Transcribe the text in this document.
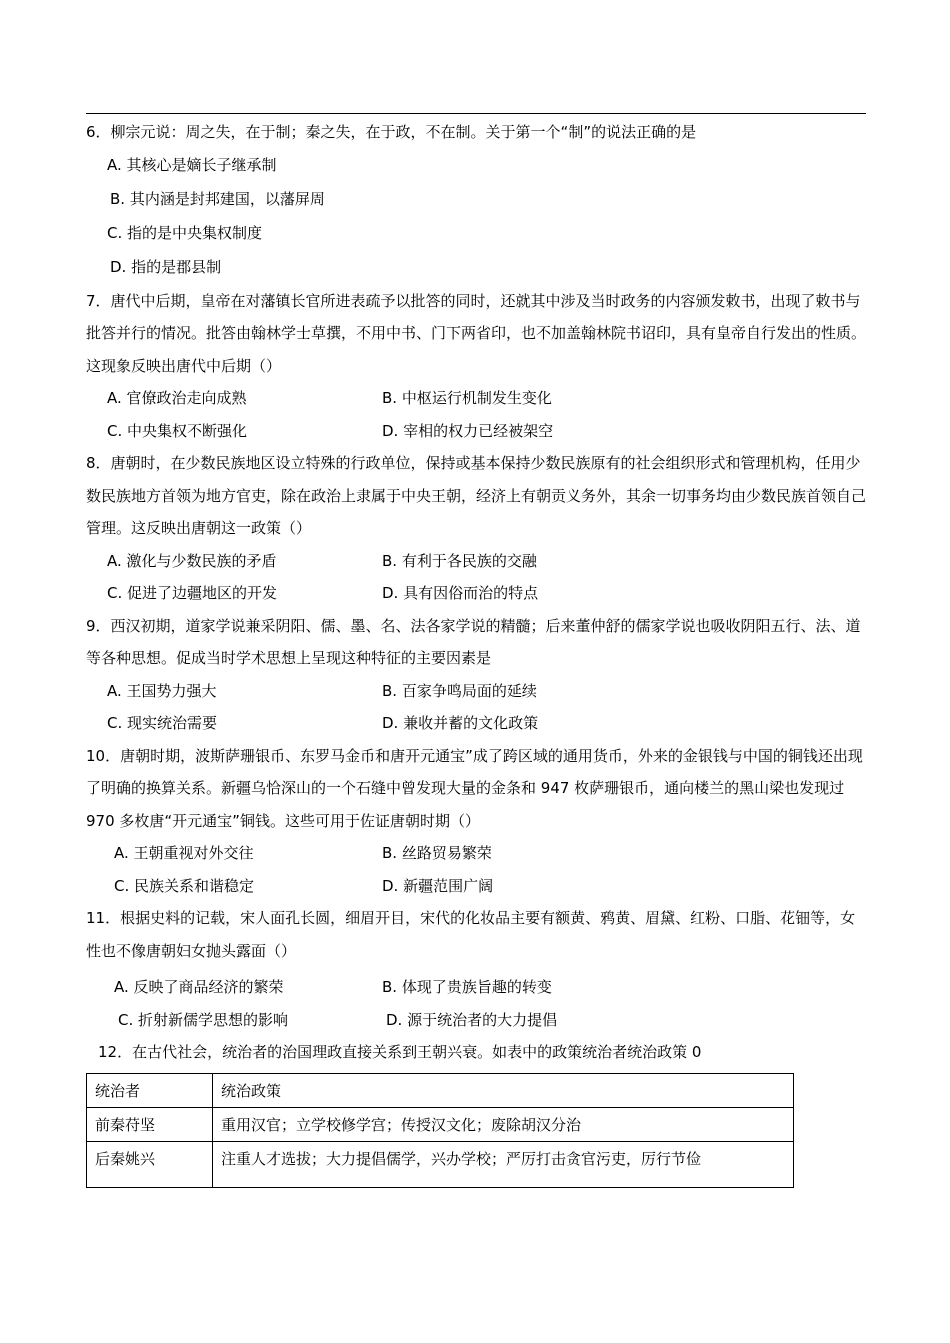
6．柳宗元说：周之失，在于制；秦之失，在于政，不在制。关于第一个“制”的说法正确的是

A. 其核心是嫡长子继承制
B. 其内涵是封邦建国，以藩屏周
C. 指的是中央集权制度
D. 指的是郡县制

7．唐代中后期，皇帝在对藩镇长官所进表疏予以批答的同时，还就其中涉及当时政务的内容颁发敕书，出现了敕书与批答并行的情况。批答由翰林学士草撰，不用中书、门下两省印，也不加盖翰林院书诏印，具有皇帝自行发出的性质。这现象反映出唐代中后期（）

A. 官僚政治走向成熟	B. 中枢运行机制发生变化
C. 中央集权不断强化	D. 宰相的权力已经被架空

8．唐朝时，在少数民族地区设立特殊的行政单位，保持或基本保持少数民族原有的社会组织形式和管理机构，任用少数民族地方首领为地方官吏，除在政治上隶属于中央王朝，经济上有朝贡义务外，其余一切事务均由少数民族首领自己管理。这反映出唐朝这一政策（）

A. 激化与少数民族的矛盾	B. 有利于各民族的交融
C. 促进了边疆地区的开发	D. 具有因俗而治的特点

9．西汉初期，道家学说兼采阴阳、儒、墨、名、法各家学说的精髓；后来董仲舒的儒家学说也吸收阴阳五行、法、道等各种思想。促成当时学术思想上呈现这种特征的主要因素是

A. 王国势力强大	B. 百家争鸣局面的延续
C. 现实统治需要	D. 兼收并蓄的文化政策

10．唐朝时期，波斯萨珊银币、东罗马金币和唐开元通宝”成了跨区域的通用货币，外来的金银钱与中国的铜钱还出现了明确的换算关系。新疆乌恰深山的一个石缝中曾发现大量的金条和 947 枚萨珊银币，通向楼兰的黑山梁也发现过 970 多枚唐“开元通宝”铜钱。这些可用于佐证唐朝时期（）

A. 王朝重视对外交往	B. 丝路贸易繁荣
C. 民族关系和谐稳定	D. 新疆范围广阔

11．根据史料的记载，宋人面孔长圆，细眉开目，宋代的化妆品主要有额黄、鸦黄、眉黛、红粉、口脂、花钿等，女性也不像唐朝妇女抛头露面（）

A. 反映了商品经济的繁荣	B. 体现了贵族旨趣的转变
C. 折射新儒学思想的影响	D. 源于统治者的大力提倡

12．在古代社会，统治者的治国理政直接关系到王朝兴衰。如表中的政策统治者统治政策 0

统治者	统治政策
前秦苻坚	重用汉官；立学校修学宫；传授汉文化；废除胡汉分治
后秦姚兴	注重人才选拔；大力提倡儒学，兴办学校；严厉打击贪官污吏，厉行节俭
